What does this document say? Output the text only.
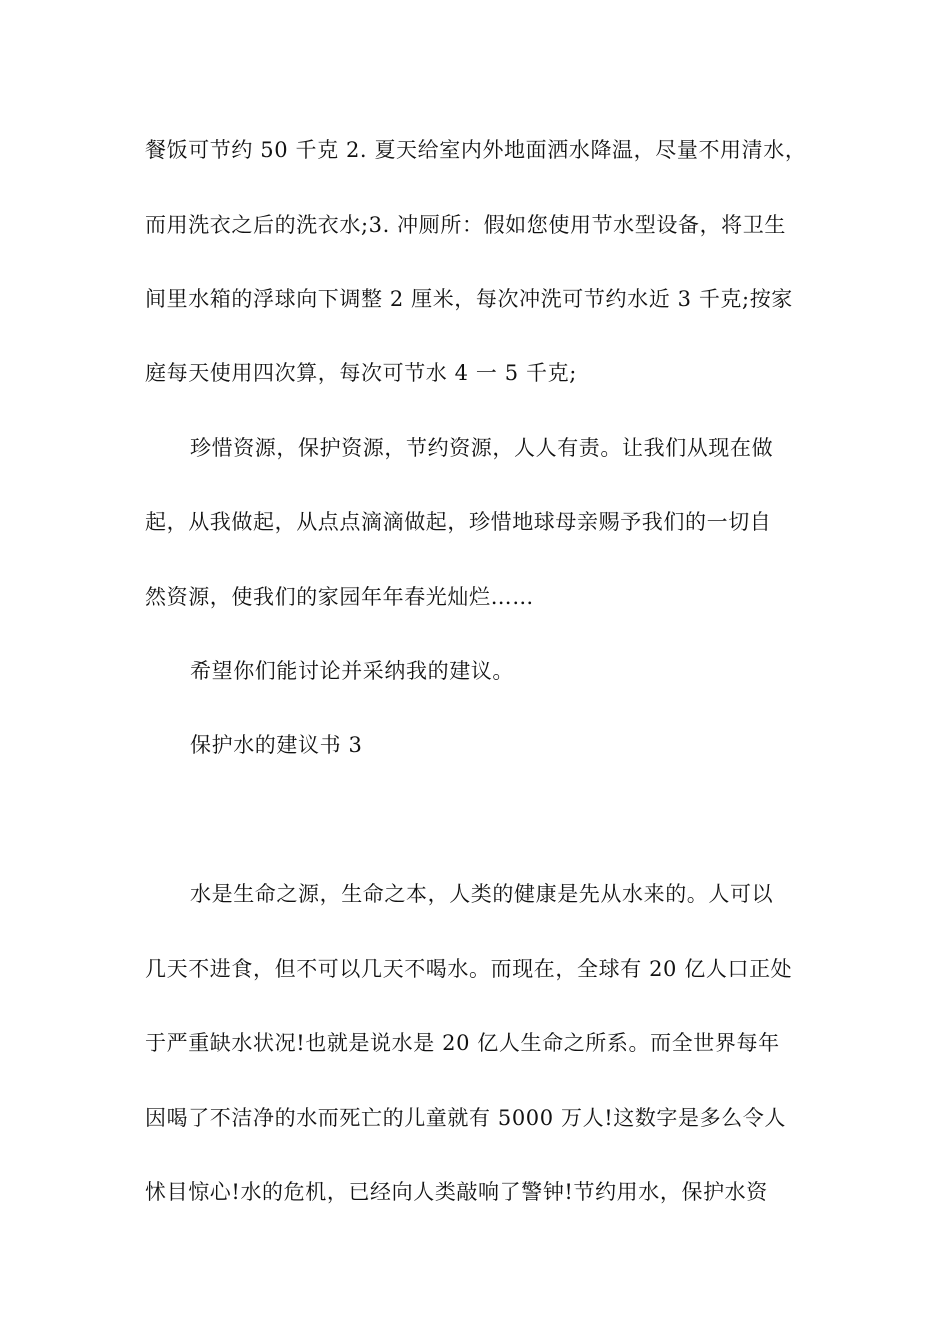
餐饭可节约 50 千克 2. 夏天给室内外地面洒水降温，尽量不用清水，
而用洗衣之后的洗衣水;3. 冲厕所：假如您使用节水型设备，将卫生
间里水箱的浮球向下调整 2 厘米，每次冲洗可节约水近 3 千克;按家
庭每天使用四次算，每次可节水 4 一 5 千克;
珍惜资源，保护资源，节约资源，人人有责。让我们从现在做
起，从我做起，从点点滴滴做起，珍惜地球母亲赐予我们的一切自
然资源，使我们的家园年年春光灿烂……
希望你们能讨论并采纳我的建议。
保护水的建议书 3
水是生命之源，生命之本，人类的健康是先从水来的。人可以
几天不进食，但不可以几天不喝水。而现在，全球有 20 亿人口正处
于严重缺水状况!也就是说水是 20 亿人生命之所系。而全世界每年
因喝了不洁净的水而死亡的儿童就有 5000 万人!这数字是多么令人
怵目惊心!水的危机，已经向人类敲响了警钟!节约用水，保护水资
